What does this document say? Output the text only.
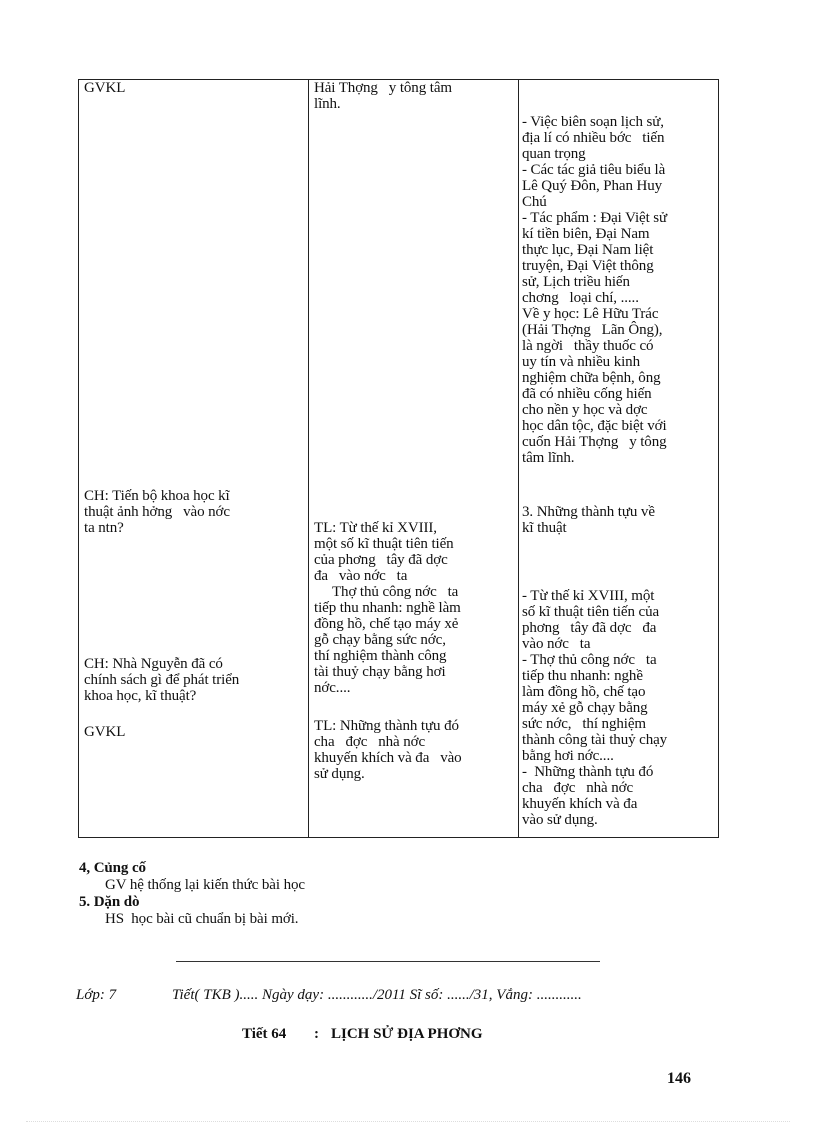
GVKL

CH: Tiến bộ khoa học kĩ
thuật ảnh hởng   vào nớc
ta ntn?

CH: Nhà Nguyễn đã có
chính sách gì để phát triển
khoa học, kĩ thuật?

GVKL

Hải Thợng   y tông tâm
lĩnh.

TL: Từ thế kỉ XVIII,
một số kĩ thuật tiên tiến
của phơng   tây đã dợc
đa   vào nớc   ta
Thợ thủ công nớc   ta
tiếp thu nhanh: nghề làm
đồng hồ, chế tạo máy xẻ
gỗ chạy bằng sức nớc,
thí nghiệm thành công
tài thuỷ chạy bằng hơi
nớc....

TL: Những thành tựu đó
cha   đợc   nhà nớc
khuyến khích và đa   vào
sử dụng.

- Việc biên soạn lịch sử,
địa lí có nhiều bớc   tiến
quan trọng
- Các tác giả tiêu biểu là
Lê Quý Đôn, Phan Huy
Chú
- Tác phẩm : Đại Việt sử
kí tiền biên, Đại Nam
thực lục, Đại Nam liệt
truyện, Đại Việt thông
sử, Lịch triều hiến
chơng   loại chí, .....
Về y học: Lê Hữu Trác
(Hải Thợng   Lãn Ông),
là ngời   thầy thuốc có
uy tín và nhiều kinh
nghiệm chữa bệnh, ông
đã có nhiều cống hiến
cho nền y học và dợc
học dân tộc, đặc biệt với
cuốn Hải Thợng   y tông
tâm lĩnh.

3. Những thành tựu về
kĩ thuật

- Từ thế kỉ XVIII, một
số kĩ thuật tiên tiến của
phơng   tây đã dợc   đa
vào nớc   ta
- Thợ thủ công nớc   ta
tiếp thu nhanh: nghề
làm đồng hồ, chế tạo
máy xẻ gỗ chạy bằng
sức nớc,   thí nghiệm
thành công tài thuỷ chạy
bằng hơi nớc....
-  Những thành tựu đó
cha   đợc   nhà nớc
khuyến khích và đa
vào sử dụng.

4, Củng cố

GV hệ thống lại kiến thức bài học

5. Dặn dò

HS  học bài cũ chuẩn bị bài mới.

Lớp: 7	Tiết( TKB )..... Ngày dạy: ............/2011 Sĩ số: ....../31, Vắng: ............
Tiết 64 : LỊCH SỬ ĐỊA PHƠNG
146
